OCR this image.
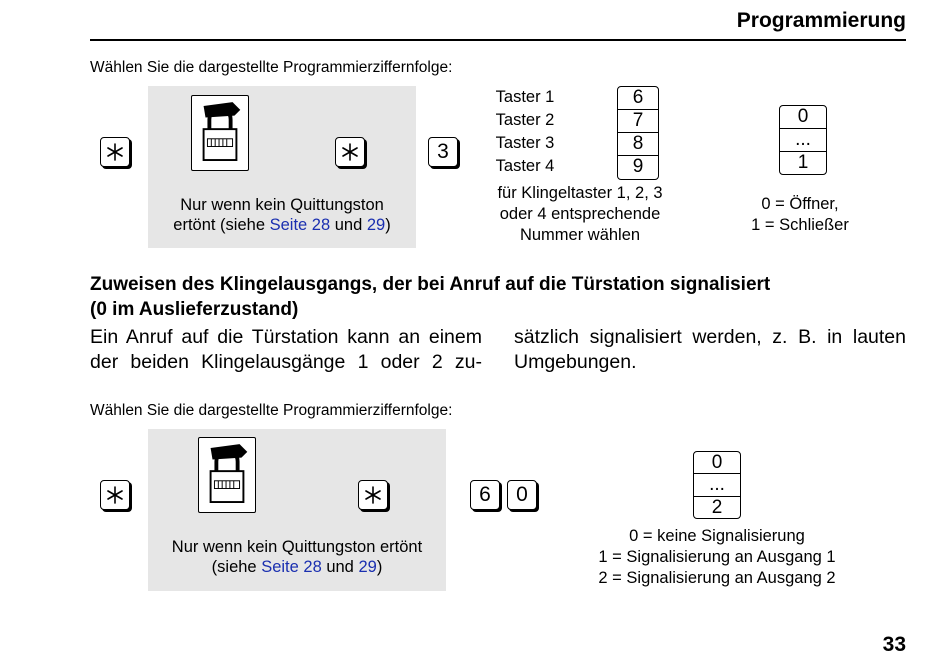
Programmierung
Wählen Sie die dargestellte Programmierziffernfolge:
Nur wenn kein Quittungston
ertönt (siehe Seite 28 und 29)
3
Taster 1
Taster 2
Taster 3
Taster 4
6
7
8
9
für Klingeltaster 1, 2, 3
oder 4 entsprechende
Nummer wählen
0
...
1
0 = Öffner,
1 = Schließer
Zuweisen des Klingelausgangs, der bei Anruf auf die Türstation signalisiert
(0 im Auslieferzustand)
Ein Anruf auf die Türstation kann an einem
der beiden Klingelausgänge 1 oder 2 zu-
sätzlich signalisiert werden, z. B. in lauten
Umgebungen.
Wählen Sie die dargestellte Programmierziffernfolge:
Nur wenn kein Quittungston ertönt
(siehe Seite 28 und 29)
6	0
0
...
2
0 = keine Signalisierung
1 = Signalisierung an Ausgang 1
2 = Signalisierung an Ausgang 2
33
